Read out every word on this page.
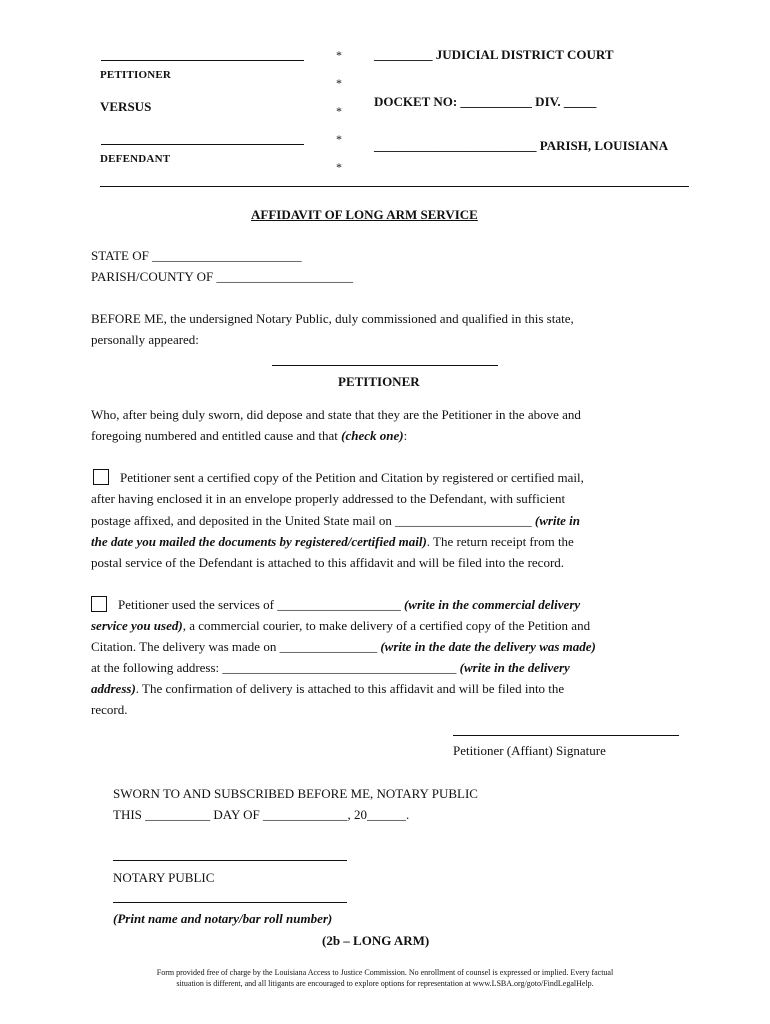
PETITIONER
VERSUS
DEFENDANT
*
*
*
*
*
_________ JUDICIAL DISTRICT COURT
DOCKET NO: ___________ DIV. _____
_________________________ PARISH, LOUISIANA
AFFIDAVIT OF LONG ARM SERVICE
STATE OF _______________________
PARISH/COUNTY OF _____________________
BEFORE ME, the undersigned Notary Public, duly commissioned and qualified in this state,
personally appeared:
PETITIONER
Who, after being duly sworn, did depose and state that they are the Petitioner in the above and
foregoing numbered and entitled cause and that (check one):
Petitioner sent a certified copy of the Petition and Citation by registered or certified mail,
after having enclosed it in an envelope properly addressed to the Defendant, with sufficient
postage affixed, and deposited in the United State mail on _____________________ (write in
the date you mailed the documents by registered/certified mail). The return receipt from the
postal service of the Defendant is attached to this affidavit and will be filed into the record.
Petitioner used the services of ___________________ (write in the commercial delivery
service you used), a commercial courier, to make delivery of a certified copy of the Petition and
Citation. The delivery was made on _______________ (write in the date the delivery was made)
at the following address: ____________________________________ (write in the delivery
address). The confirmation of delivery is attached to this affidavit and will be filed into the
record.
Petitioner (Affiant) Signature
SWORN TO AND SUBSCRIBED BEFORE ME, NOTARY PUBLIC
THIS __________ DAY OF _____________, 20______.
NOTARY PUBLIC
(Print name and notary/bar roll number)
(2b – LONG ARM)
Form provided free of charge by the Louisiana Access to Justice Commission. No enrollment of counsel is expressed or implied. Every factual
situation is different, and all litigants are encouraged to explore options for representation at www.LSBA.org/goto/FindLegalHelp.
